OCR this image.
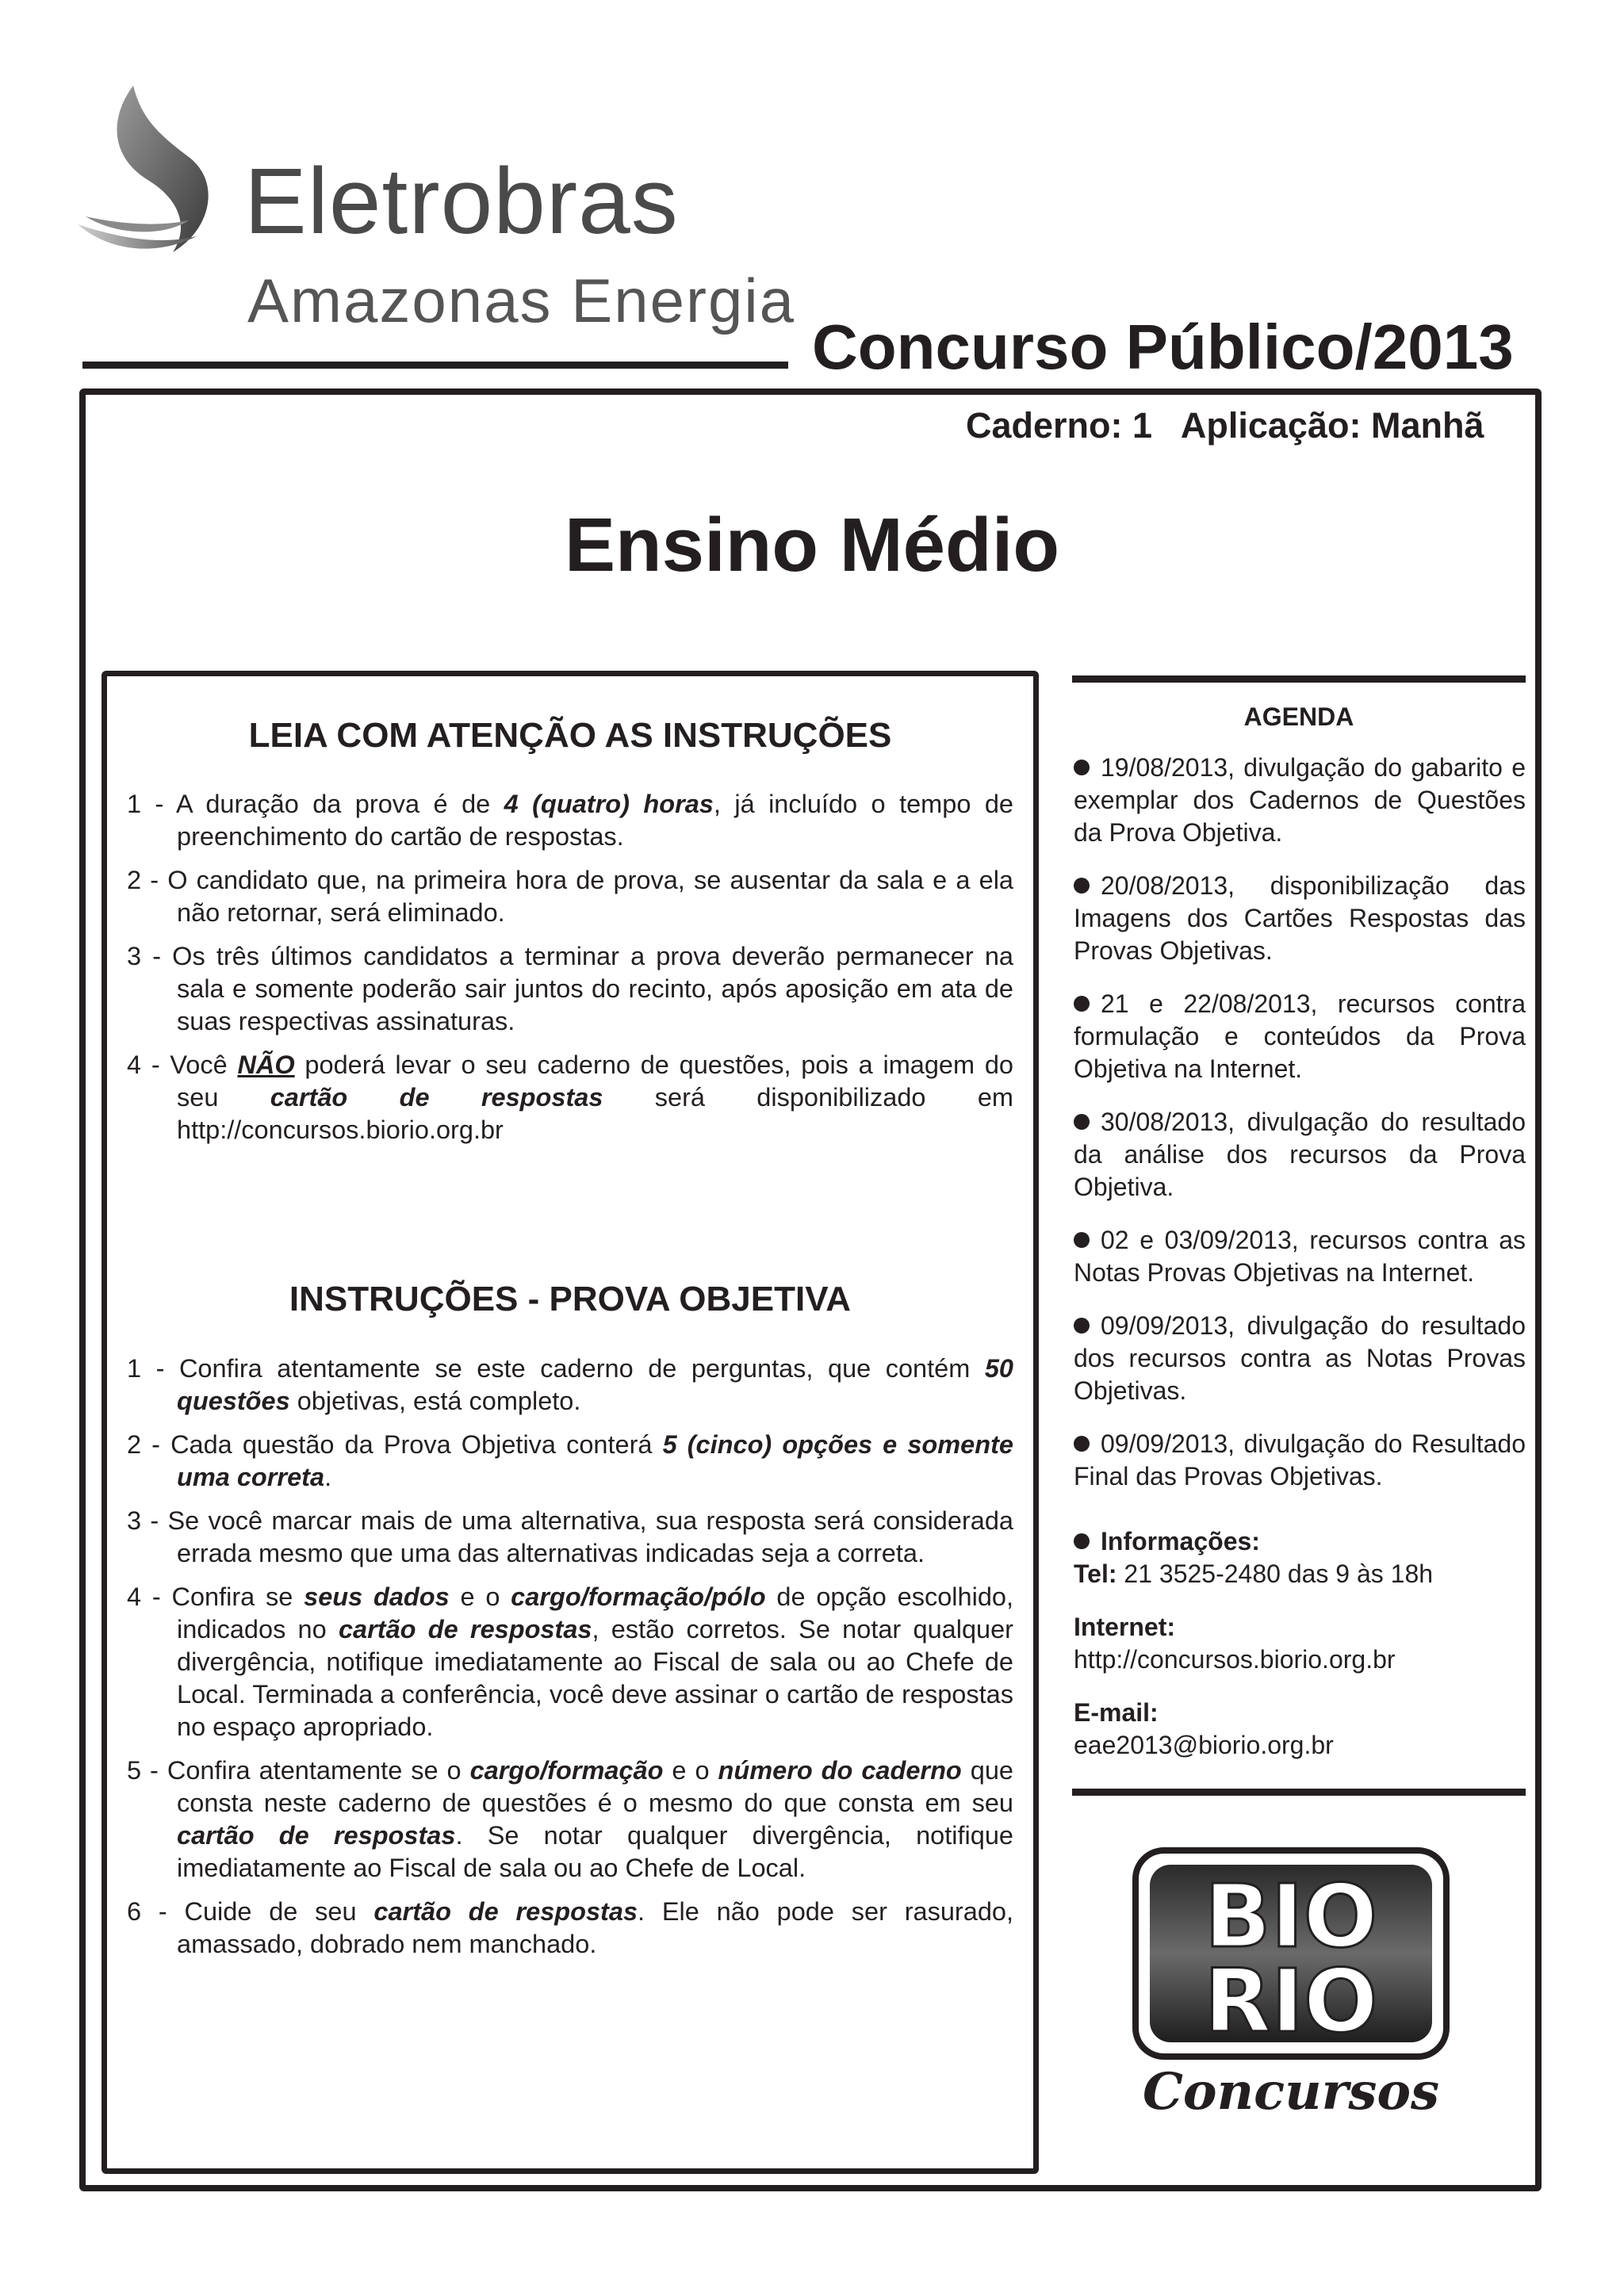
Eletrobras
Amazonas Energia
Concurso Público/2013
Caderno: 1 Aplicação: Manhã
Ensino Médio
LEIA COM ATENÇÃO AS INSTRUÇÕES
1 - A duração da prova é de 4 (quatro) horas, já incluído o tempo de preenchimento do cartão de respostas.
2 - O candidato que, na primeira hora de prova, se ausentar da sala e a ela não retornar, será eliminado.
3 - Os três últimos candidatos a terminar a prova deverão permanecer na sala e somente poderão sair juntos do recinto, após aposição em ata de suas respectivas assinaturas.
4 - Você NÃO poderá levar o seu caderno de questões, pois a imagem do seu cartão de respostas será disponibilizado em http://concursos.biorio.org.br
INSTRUÇÕES - PROVA OBJETIVA
1 - Confira atentamente se este caderno de perguntas, que contém 50 questões objetivas, está completo.
2 - Cada questão da Prova Objetiva conterá 5 (cinco) opções e somente uma correta.
3 - Se você marcar mais de uma alternativa, sua resposta será considerada errada mesmo que uma das alternativas indicadas seja a correta.
4 - Confira se seus dados e o cargo/formação/pólo de opção escolhido, indicados no cartão de respostas, estão corretos. Se notar qualquer divergência, notifique imediatamente ao Fiscal de sala ou ao Chefe de Local. Terminada a conferência, você deve assinar o cartão de respostas no espaço apropriado.
5 - Confira atentamente se o cargo/formação e o número do caderno que consta neste caderno de questões é o mesmo do que consta em seu cartão de respostas. Se notar qualquer divergência, notifique imediatamente ao Fiscal de sala ou ao Chefe de Local.
6 - Cuide de seu cartão de respostas. Ele não pode ser rasurado, amassado, dobrado nem manchado.
AGENDA
19/08/2013, divulgação do gabarito e exemplar dos Cadernos de Questões da Prova Objetiva.
20/08/2013, disponibilização das Imagens dos Cartões Respostas das Provas Objetivas.
21 e 22/08/2013, recursos contra formulação e conteúdos da Prova Objetiva na Internet.
30/08/2013, divulgação do resultado da análise dos recursos da Prova Objetiva.
02 e 03/09/2013, recursos contra as Notas Provas Objetivas na Internet.
09/09/2013, divulgação do resultado dos recursos contra as Notas Provas Objetivas.
09/09/2013, divulgação do Resultado Final das Provas Objetivas.
Informações:
Tel: 21 3525-2480 das 9 às 18h
Internet:
http://concursos.biorio.org.br
E-mail:
eae2013@biorio.org.br
BIO
RIO
Concursos
